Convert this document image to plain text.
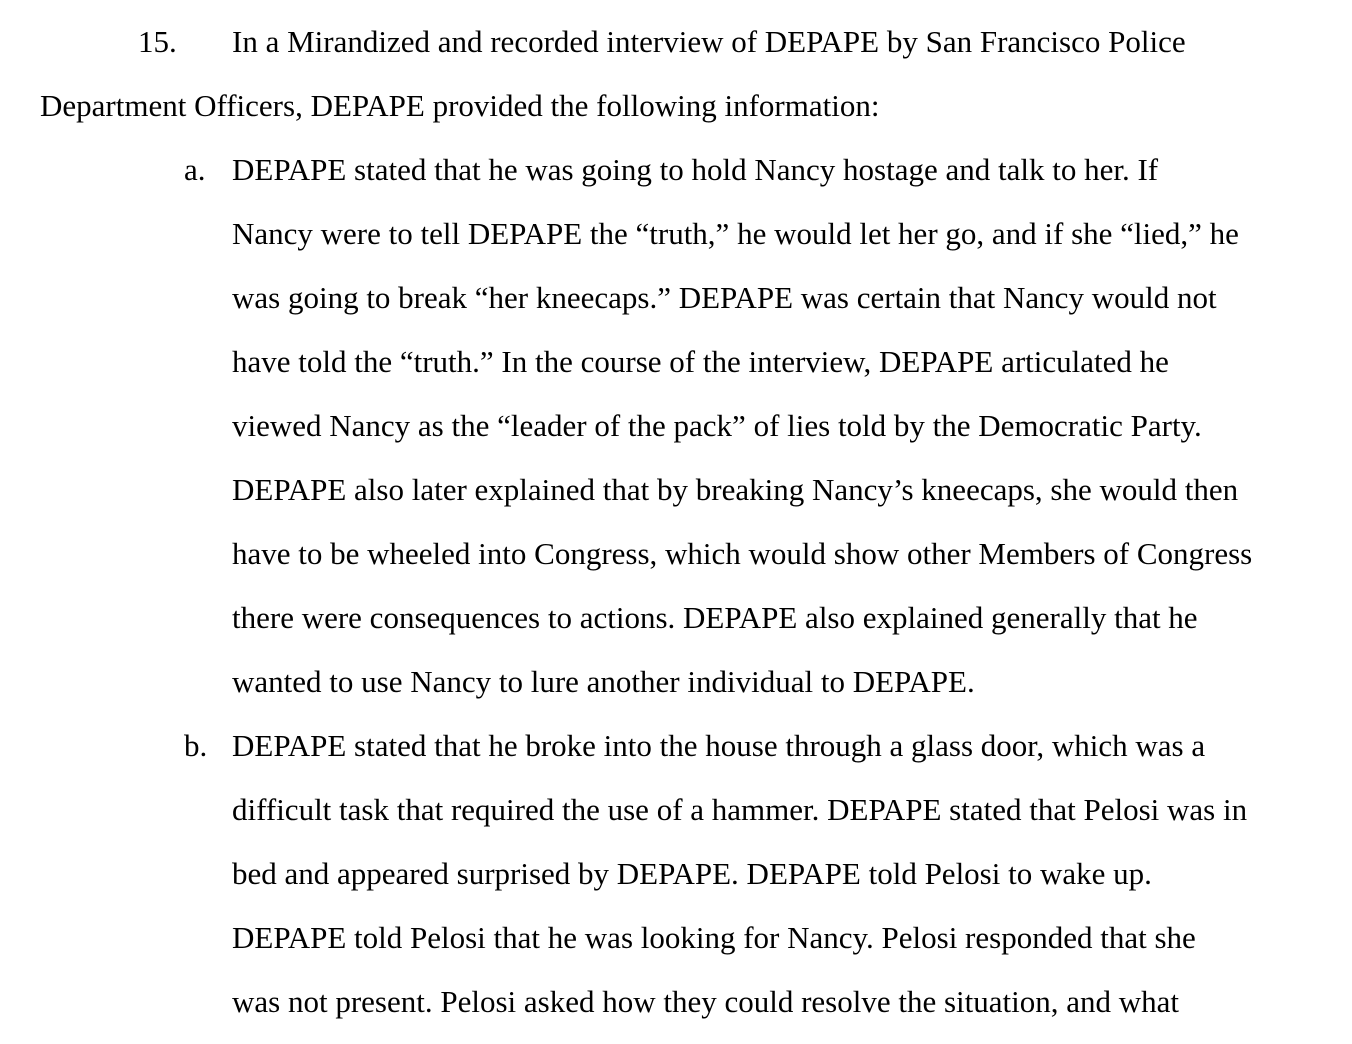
15. In a Mirandized and recorded interview of DEPAPE by San Francisco Police
Department Officers, DEPAPE provided the following information:
a. DEPAPE stated that he was going to hold Nancy hostage and talk to her. If
Nancy were to tell DEPAPE the “truth,” he would let her go, and if she “lied,” he
was going to break “her kneecaps.” DEPAPE was certain that Nancy would not
have told the “truth.” In the course of the interview, DEPAPE articulated he
viewed Nancy as the “leader of the pack” of lies told by the Democratic Party.
DEPAPE also later explained that by breaking Nancy’s kneecaps, she would then
have to be wheeled into Congress, which would show other Members of Congress
there were consequences to actions. DEPAPE also explained generally that he
wanted to use Nancy to lure another individual to DEPAPE.
b. DEPAPE stated that he broke into the house through a glass door, which was a
difficult task that required the use of a hammer. DEPAPE stated that Pelosi was in
bed and appeared surprised by DEPAPE. DEPAPE told Pelosi to wake up.
DEPAPE told Pelosi that he was looking for Nancy. Pelosi responded that she
was not present. Pelosi asked how they could resolve the situation, and what
